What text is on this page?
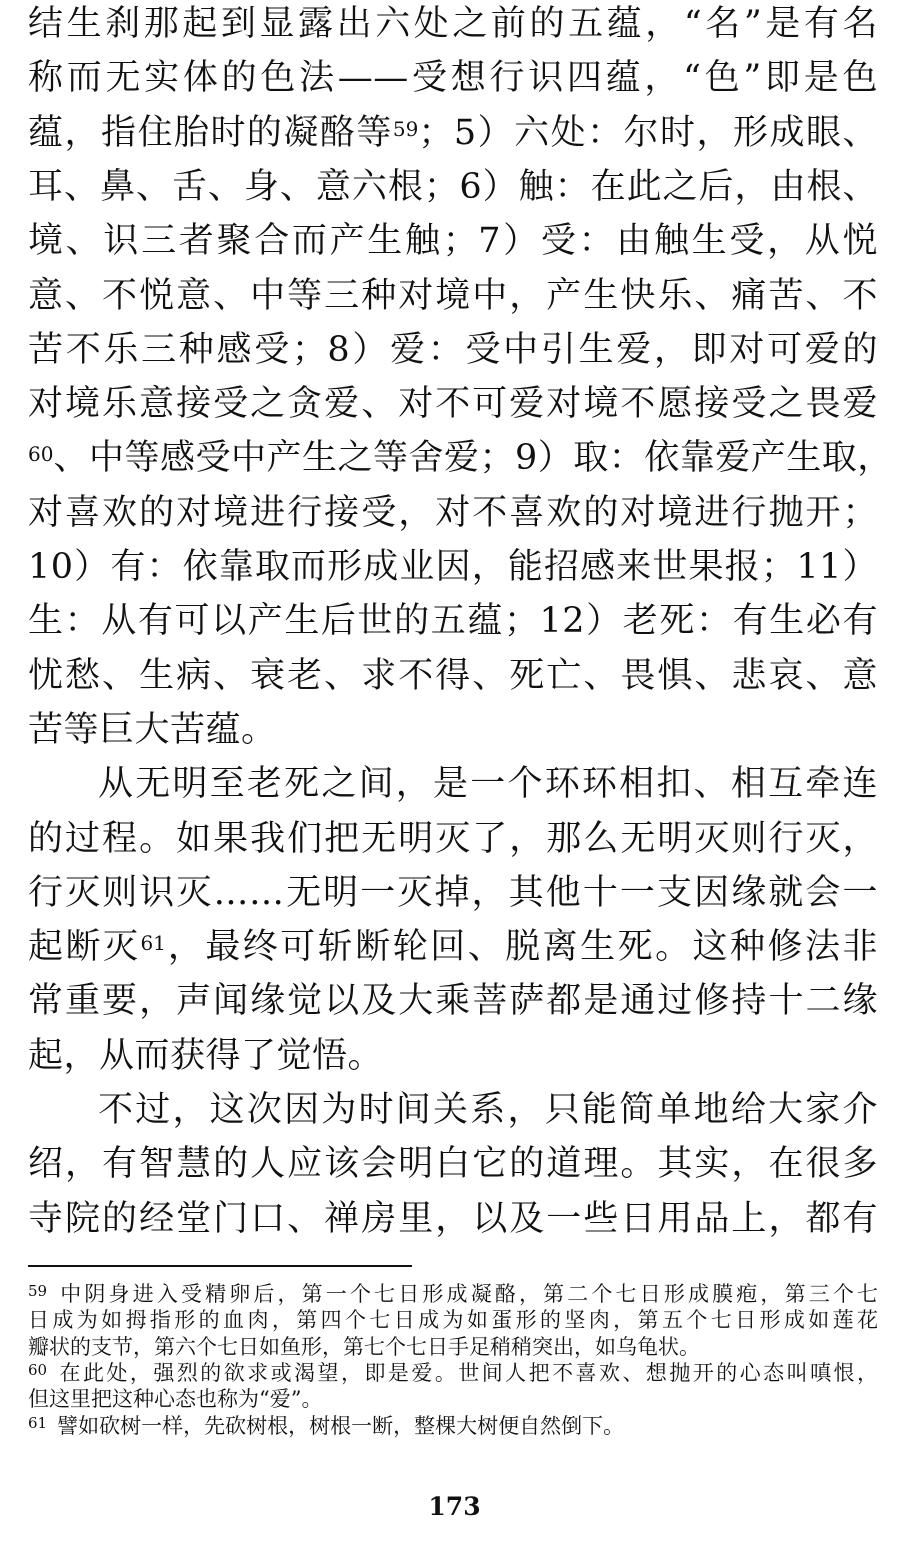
结生刹那起到显露出六处之前的五蕴，“名”是有名
称而无实体的色法——受想行识四蕴，“色”即是色
蕴，指住胎时的凝酪等$^{59}$；5）六处：尔时，形成眼、
耳、鼻、舌、身、意六根；6）触：在此之后，由根、
境、识三者聚合而产生触；7）受：由触生受，从悦
意、不悦意、中等三种对境中，产生快乐、痛苦、不
苦不乐三种感受；8）爱：受中引生爱，即对可爱的
对境乐意接受之贪爱、对不可爱对境不愿接受之畏爱
$^{60}$、中等感受中产生之等舍爱；9）取：依靠爱产生取，
对喜欢的对境进行接受，对不喜欢的对境进行抛开；
10）有：依靠取而形成业因，能招感来世果报；11）
生：从有可以产生后世的五蕴；12）老死：有生必有
忧愁、生病、衰老、求不得、死亡、畏惧、悲哀、意
苦等巨大苦蕴。
从无明至老死之间，是一个环环相扣、相互牵连
的过程。如果我们把无明灭了，那么无明灭则行灭，
行灭则识灭……无明一灭掉，其他十一支因缘就会一
起断灭$^{61}$，最终可斩断轮回、脱离生死。这种修法非
常重要，声闻缘觉以及大乘菩萨都是通过修持十二缘
起，从而获得了觉悟。
不过，这次因为时间关系，只能简单地给大家介
绍，有智慧的人应该会明白它的道理。其实，在很多
寺院的经堂门口、禅房里，以及一些日用品上，都有
$^{59}$ 中阴身进入受精卵后，第一个七日形成凝酪，第二个七日形成膜疱，第三个七
日成为如拇指形的血肉，第四个七日成为如蛋形的坚肉，第五个七日形成如莲花
瓣状的支节，第六个七日如鱼形，第七个七日手足稍稍突出，如乌龟状。
$^{60}$ 在此处，强烈的欲求或渴望，即是爱。世间人把不喜欢、想抛开的心态叫嗔恨，
但这里把这种心态也称为“爱”。
$^{61}$ 譬如砍树一样，先砍树根，树根一断，整棵大树便自然倒下。
173
